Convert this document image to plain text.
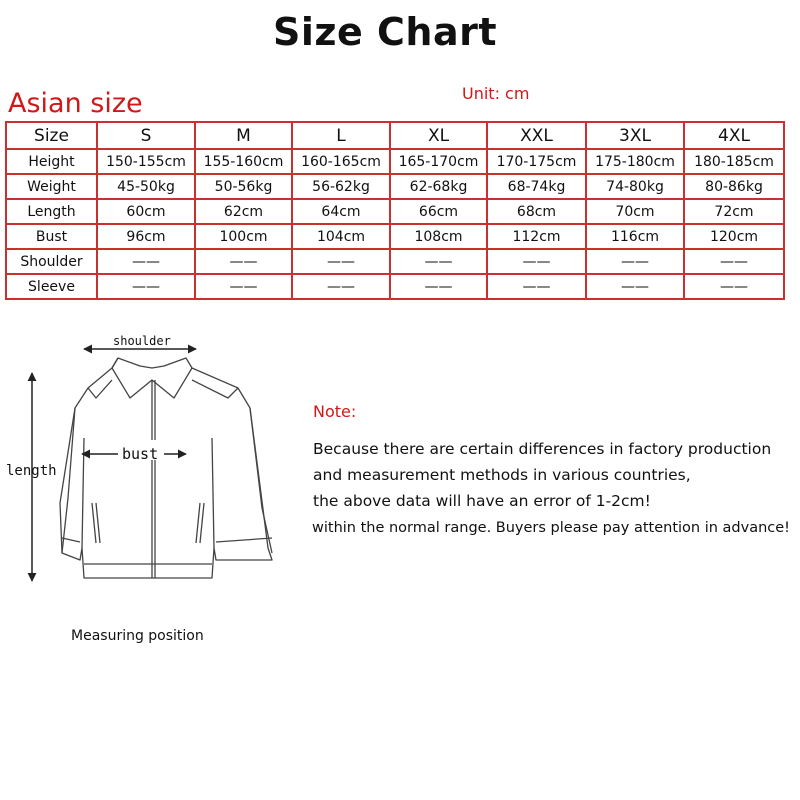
Size Chart
Asian size	Unit: cm
Size	S	M	L	XL	XXL	3XL	4XL
Height	150-155cm	155-160cm	160-165cm	165-170cm	170-175cm	175-180cm	180-185cm
Weight	45-50kg	50-56kg	56-62kg	62-68kg	68-74kg	74-80kg	80-86kg
Length	60cm	62cm	64cm	66cm	68cm	70cm	72cm
Bust	96cm	100cm	104cm	108cm	112cm	116cm	120cm
Shoulder	——	——	——	——	——	——	——
Sleeve	——	——	——	——	——	——	——
shoulder
length
bust
Measuring position
Note:
Because there are certain differences in factory production
and measurement methods in various countries,
the above data will have an error of 1-2cm!
within the normal range. Buyers please pay attention in advance!
